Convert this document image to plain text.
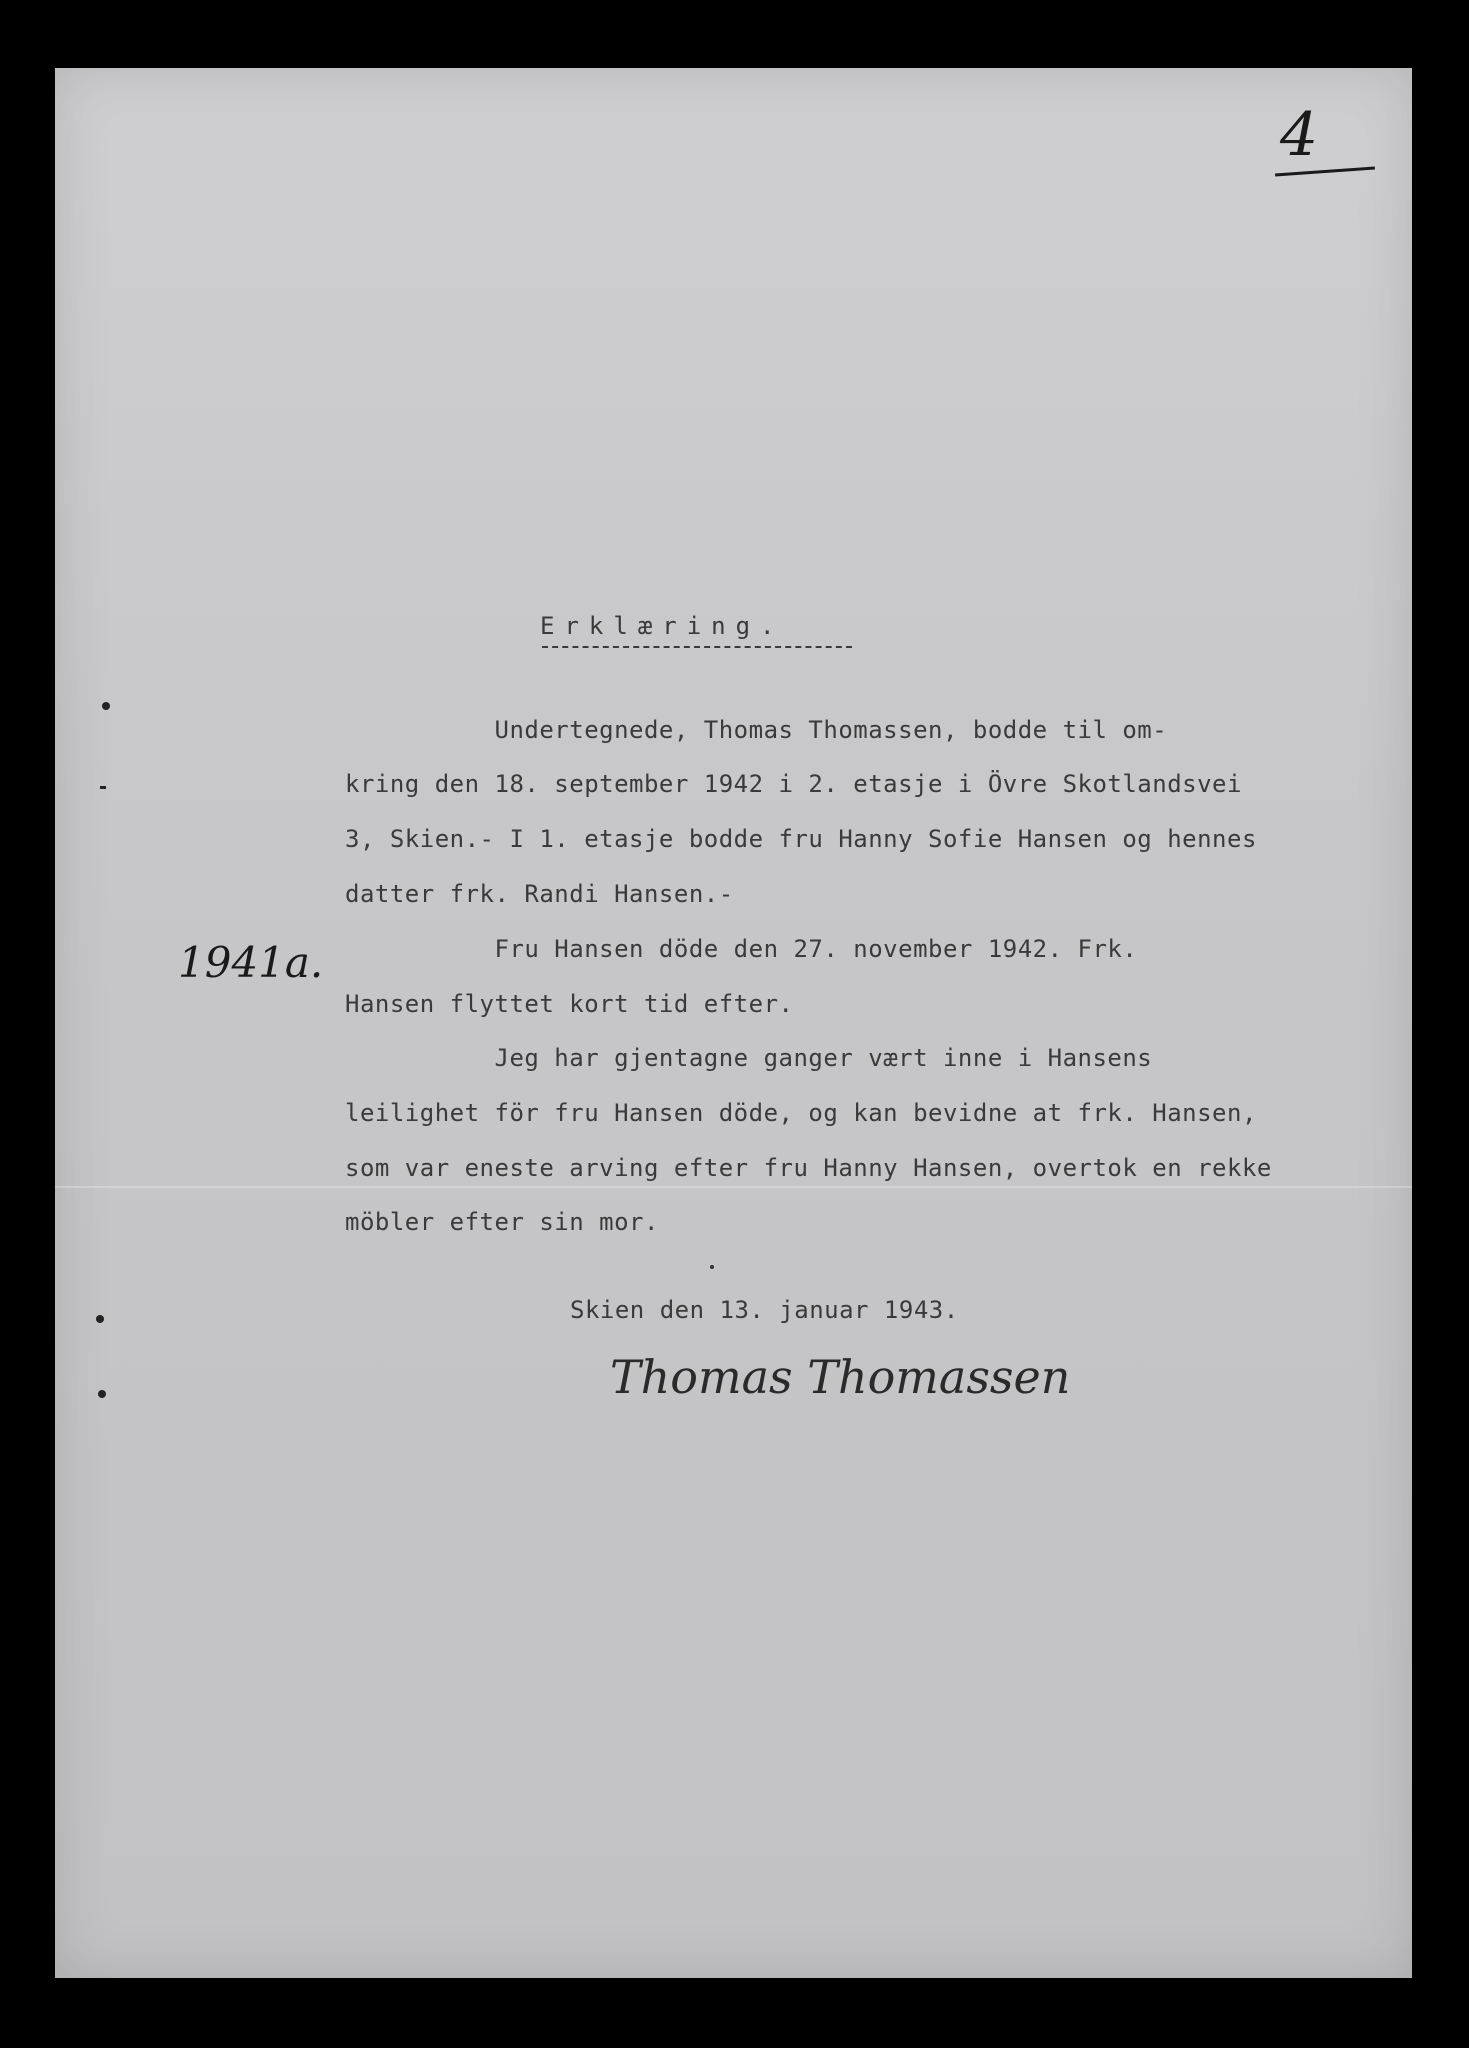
4
1941a.
Erklæring.
Undertegnede, Thomas Thomassen, bodde til om-
kring den 18. september 1942 i 2. etasje i Övre Skotlandsvei
3, Skien.- I 1. etasje bodde fru Hanny Sofie Hansen og hennes
datter frk. Randi Hansen.-
Fru Hansen döde den 27. november 1942. Frk.
Hansen flyttet kort tid efter.
Jeg har gjentagne ganger vært inne i Hansens
leilighet för fru Hansen döde, og kan bevidne at frk. Hansen,
som var eneste arving efter fru Hanny Hansen, overtok en rekke
möbler efter sin mor.
Skien den 13. januar 1943.
Thomas Thomassen
